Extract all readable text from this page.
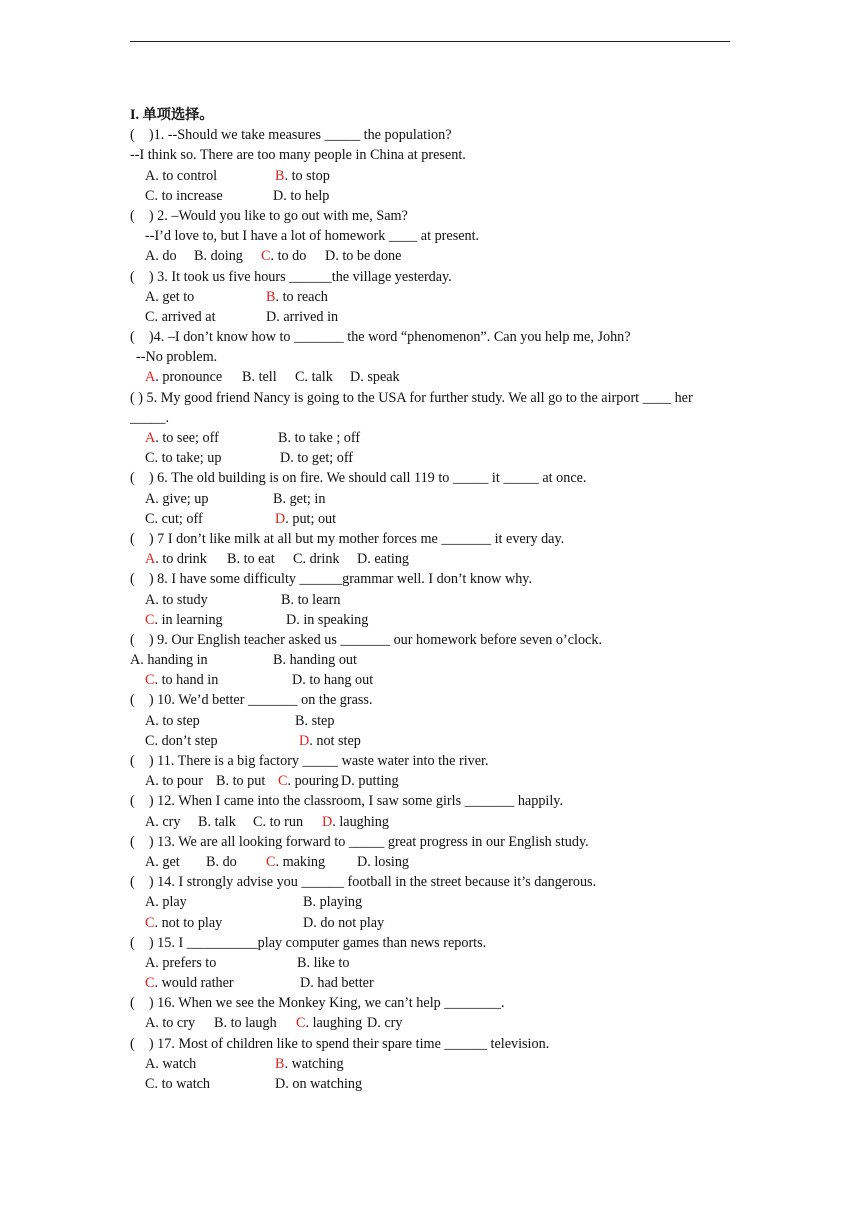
I. 单项选择。
(    )1. --Should we take measures _____ the population?
--I think so. There are too many people in China at present.
A. to control	B. to stop
C. to increase	D. to help
(    ) 2. –Would you like to go out with me, Sam?
--I’d love to, but I have a lot of homework ____ at present.
A. do B. doing C. to do D. to be done
(    ) 3. It took us five hours ______the village yesterday.
A. get to	B. to reach
C. arrived at	D. arrived in
(    )4. –I don’t know how to _______ the word “phenomenon”. Can you help me, John?
--No problem.
A. pronounce B. tell C. talk D. speak
( ) 5. My good friend Nancy is going to the USA for further study. We all go to the airport ____ her _____.
A. to see; off	B. to take ; off
C. to take; up	D. to get; off
(    ) 6. The old building is on fire. We should call 119 to _____ it _____ at once.
A. give; up	B. get; in
C. cut; off	D. put; out
(    ) 7 I don’t like milk at all but my mother forces me _______ it every day.
A. to drink B. to eat C. drink D. eating
(    ) 8. I have some difficulty ______grammar well. I don’t know why.
A. to study	B. to learn
C. in learning	D. in speaking
(    ) 9. Our English teacher asked us _______ our homework before seven o’clock.
A. handing in	B. handing out
C. to hand in	D. to hang out
(    ) 10. We’d better _______ on the grass.
A. to step	B. step
C. don’t step	D. not step
(    ) 11. There is a big factory _____ waste water into the river.
A. to pour B. to put C. pouring D. putting
(    ) 12. When I came into the classroom, I saw some girls _______ happily.
A. cry B. talk C. to run D. laughing
(    ) 13. We are all looking forward to _____ great progress in our English study.
A. get B. do C. making D. losing
(    ) 14. I strongly advise you ______ football in the street because it’s dangerous.
A. play	B. playing
C. not to play	D. do not play
(    ) 15. I __________play computer games than news reports.
A. prefers to	B. like to
C. would rather	D. had better
(    ) 16. When we see the Monkey King, we can’t help ________.
A. to cry B. to laugh C. laughing D. cry
(    ) 17. Most of children like to spend their spare time ______ television.
A. watch	B. watching
C. to watch	D. on watching
